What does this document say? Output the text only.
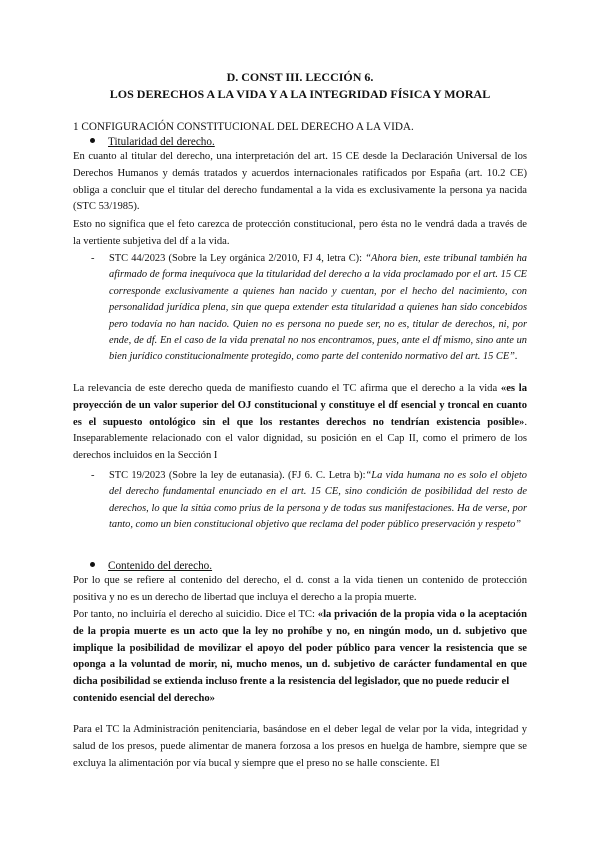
D. CONST III. LECCIÓN 6.
LOS DERECHOS A LA VIDA Y A LA INTEGRIDAD FÍSICA Y MORAL
1 CONFIGURACIÓN CONSTITUCIONAL DEL DERECHO A LA VIDA.
Titularidad del derecho.
En cuanto al titular del derecho, una interpretación del art. 15 CE desde la Declaración Universal de los Derechos Humanos y demás tratados y acuerdos internacionales ratificados por España (art. 10.2 CE) obliga a concluir que el titular del derecho fundamental a la vida es exclusivamente la persona ya nacida (STC 53/1985).
Esto no significa que el feto carezca de protección constitucional, pero ésta no le vendrá dada a través de la vertiente subjetiva del df a la vida.
- STC 44/2023 (Sobre la Ley orgánica 2/2010, FJ 4, letra C): “Ahora bien, este tribunal también ha afirmado de forma inequívoca que la titularidad del derecho a la vida proclamado por el art. 15 CE corresponde exclusivamente a quienes han nacido y cuentan, por el hecho del nacimiento, con personalidad jurídica plena, sin que quepa extender esta titularidad a quienes han sido concebidos pero todavía no han nacido. Quien no es persona no puede ser, no es, titular de derechos, ni, por ende, de df. En el caso de la vida prenatal no nos encontramos, pues, ante el df mismo, sino ante un bien jurídico constitucionalmente protegido, como parte del contenido normativo del art. 15 CE”.
La relevancia de este derecho queda de manifiesto cuando el TC afirma que el derecho a la vida «es la proyección de un valor superior del OJ constitucional y constituye el df esencial y troncal en cuanto es el supuesto ontológico sin el que los restantes derechos no tendrían existencia posible». Inseparablemente relacionado con el valor dignidad, su posición en el Cap II, como el primero de los derechos incluidos en la Sección I
- STC 19/2023 (Sobre la ley de eutanasia). (FJ 6. C. Letra b):“La vida humana no es solo el objeto del derecho fundamental enunciado en el art. 15 CE, sino condición de posibilidad del resto de derechos, lo que la sitúa como prius de la persona y de todas sus manifestaciones. Ha de verse, por tanto, como un bien constitucional objetivo que reclama del poder público preservación y respeto”
Contenido del derecho.
Por lo que se refiere al contenido del derecho, el d. const a la vida tienen un contenido de protección positiva y no es un derecho de libertad que incluya el derecho a la propia muerte.
Por tanto, no incluiría el derecho al suicidio. Dice el TC: «la privación de la propia vida o la aceptación de la propia muerte es un acto que la ley no prohíbe y no, en ningún modo, un d. subjetivo que implique la posibilidad de movilizar el apoyo del poder público para vencer la resistencia que se oponga a la voluntad de morir, ni, mucho menos, un d. subjetivo de carácter fundamental en que dicha posibilidad se extienda incluso frente a la resistencia del legislador, que no puede reducir el
contenido esencial del derecho»
Para el TC la Administración penitenciaria, basándose en el deber legal de velar por la vida, integridad y salud de los presos, puede alimentar de manera forzosa a los presos en huelga de hambre, siempre que se excluya la alimentación por vía bucal y siempre que el preso no se halle consciente. El
